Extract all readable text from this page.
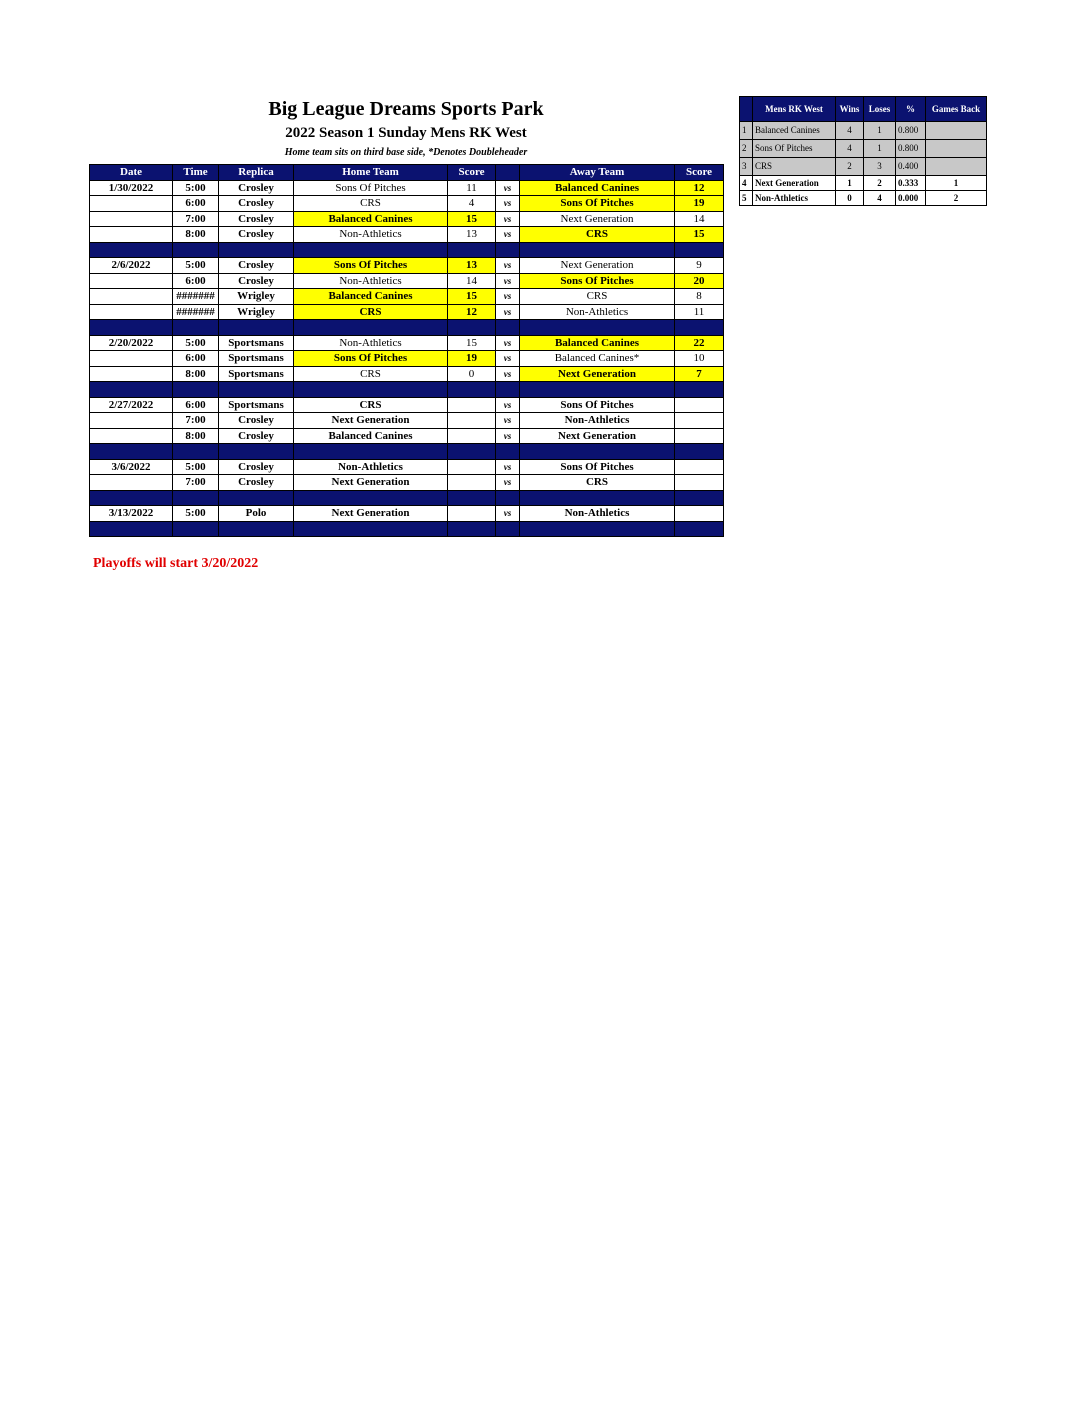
Big League Dreams Sports Park
2022 Season 1 Sunday Mens RK West
Home team sits on third base side, *Denotes Doubleheader
Date	Time	Replica	Home Team	Score		Away Team	Score
1/30/2022	5:00	Crosley	Sons Of Pitches	11	vs	Balanced Canines	12
	6:00	Crosley	CRS	4	vs	Sons Of Pitches	19
	7:00	Crosley	Balanced Canines	15	vs	Next Generation	14
	8:00	Crosley	Non-Athletics	13	vs	CRS	15

2/6/2022	5:00	Crosley	Sons Of Pitches	13	vs	Next Generation	9
	6:00	Crosley	Non-Athletics	14	vs	Sons Of Pitches	20
	#######	Wrigley	Balanced Canines	15	vs	CRS	8
	#######	Wrigley	CRS	12	vs	Non-Athletics	11

2/20/2022	5:00	Sportsmans	Non-Athletics	15	vs	Balanced Canines	22
	6:00	Sportsmans	Sons Of Pitches	19	vs	Balanced Canines*	10
	8:00	Sportsmans	CRS	0	vs	Next Generation	7

2/27/2022	6:00	Sportsmans	CRS		vs	Sons Of Pitches	
	7:00	Crosley	Next Generation		vs	Non-Athletics	
	8:00	Crosley	Balanced Canines		vs	Next Generation	

3/6/2022	5:00	Crosley	Non-Athletics		vs	Sons Of Pitches	
	7:00	Crosley	Next Generation		vs	CRS	

3/13/2022	5:00	Polo	Next Generation		vs	Non-Athletics	

	Mens RK West	Wins	Loses	%	Games Back
1	Balanced Canines	4	1	0.800	
2	Sons Of Pitches	4	1	0.800	
3	CRS	2	3	0.400	
4	Next Generation	1	2	0.333	1
5	Non-Athletics	0	4	0.000	2
Playoffs will start 3/20/2022
